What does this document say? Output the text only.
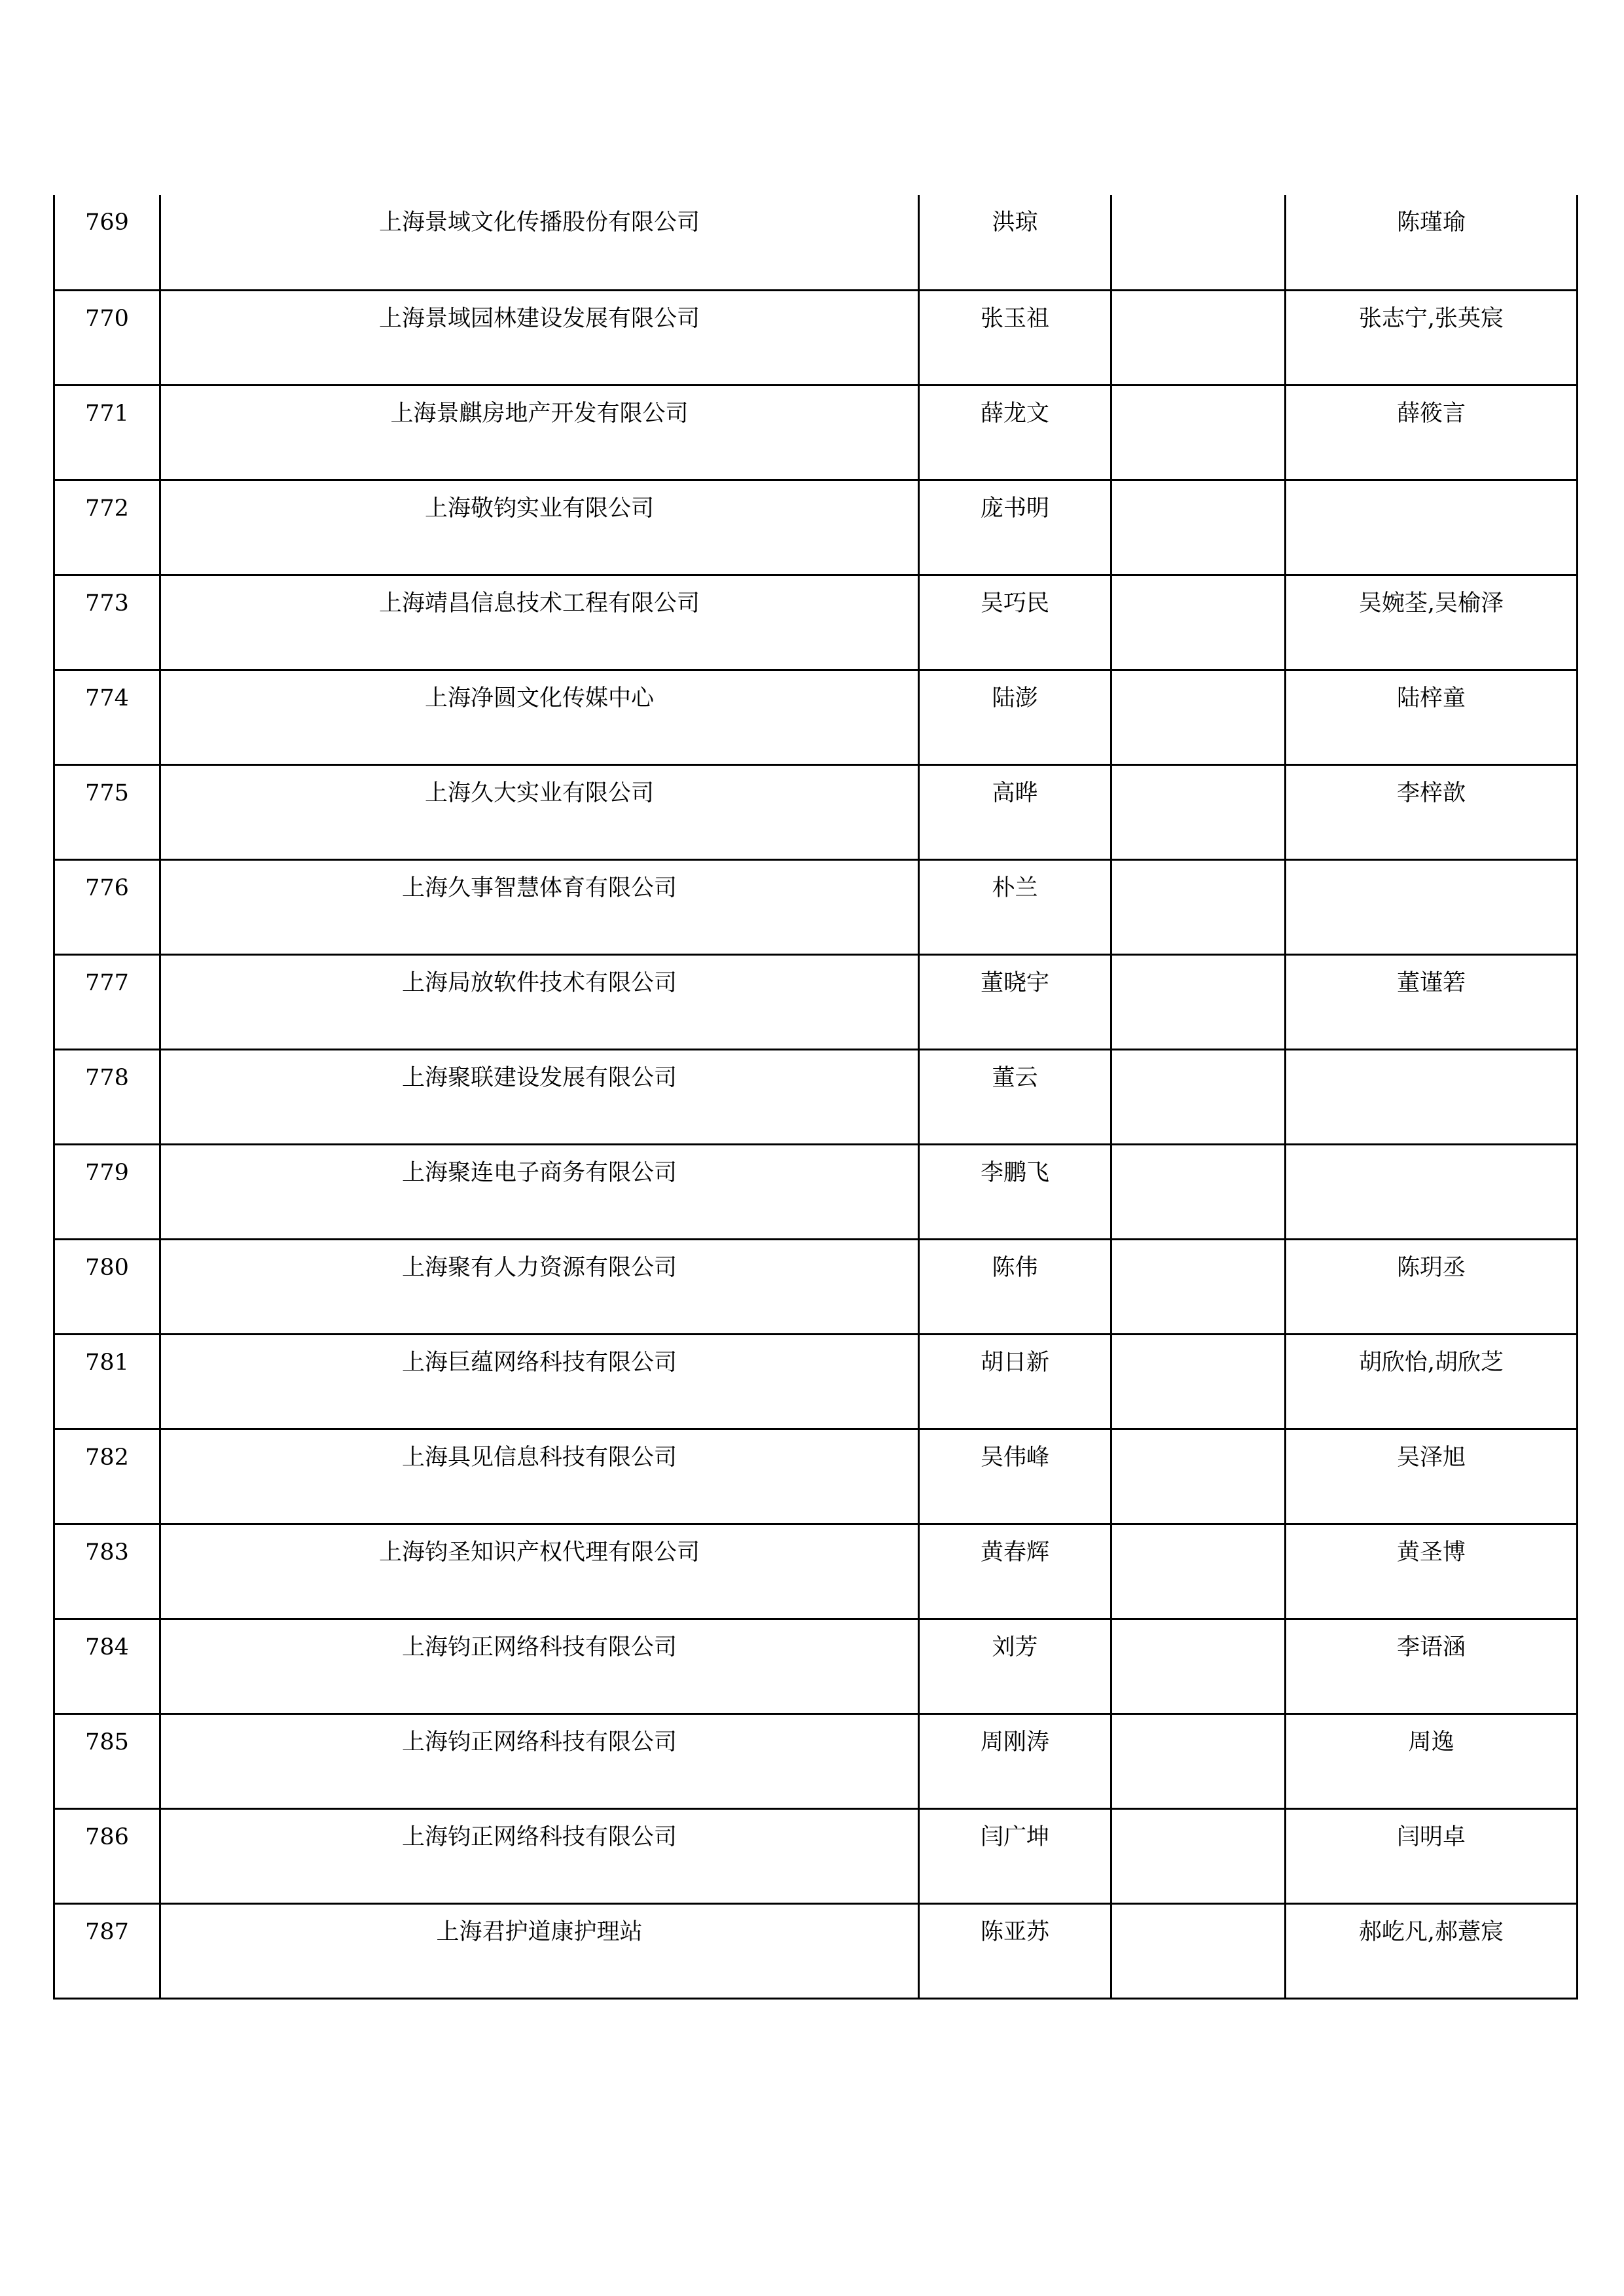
769	上海景域文化传播股份有限公司	洪琼		陈瑾瑜
770	上海景域园林建设发展有限公司	张玉祖		张志宁,张英宸
771	上海景麒房地产开发有限公司	薛龙文		薛筱言
772	上海敬钧实业有限公司	庞书明		
773	上海靖昌信息技术工程有限公司	吴巧民		吴婉荃,吴榆泽
774	上海净圆文化传媒中心	陆澎		陆梓童
775	上海久大实业有限公司	高晔		李梓歆
776	上海久事智慧体育有限公司	朴兰		
777	上海局放软件技术有限公司	董晓宇		董谨箬
778	上海聚联建设发展有限公司	董云		
779	上海聚连电子商务有限公司	李鹏飞		
780	上海聚有人力资源有限公司	陈伟		陈玥丞
781	上海巨蕴网络科技有限公司	胡日新		胡欣怡,胡欣芝
782	上海具见信息科技有限公司	吴伟峰		吴泽旭
783	上海钧圣知识产权代理有限公司	黄春辉		黄圣博
784	上海钧正网络科技有限公司	刘芳		李语涵
785	上海钧正网络科技有限公司	周刚涛		周逸
786	上海钧正网络科技有限公司	闫广坤		闫明卓
787	上海君护道康护理站	陈亚苏		郝屹凡,郝薏宸
